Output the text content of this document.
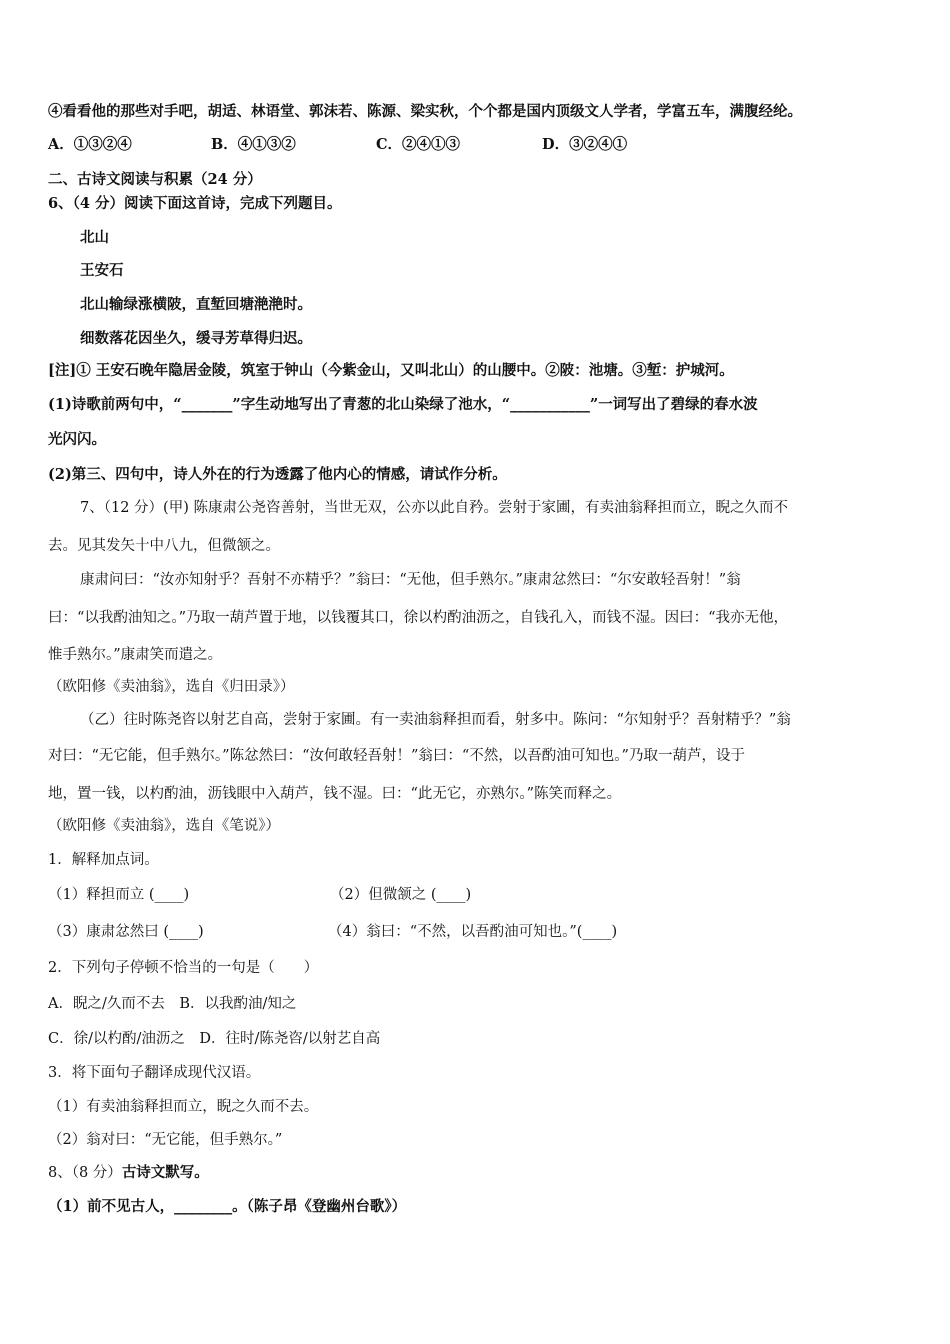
④看看他的那些对手吧，胡适、林语堂、郭沫若、陈源、梁实秋，个个都是国内顶级文人学者，学富五车，满腹经纶。
A．①③②④	B．④①③②	C．②④①③	D．③②④①
二、古诗文阅读与积累（24 分）
6、（4 分）阅读下面这首诗，完成下列题目。
北山
王安石
北山输绿涨横陂，直堑回塘滟滟时。
细数落花因坐久，缓寻芳草得归迟。
[注]① 王安石晚年隐居金陵，筑室于钟山（今紫金山，又叫北山）的山腰中。②陂：池塘。③堑：护城河。
(1)诗歌前两句中，“_______”字生动地写出了青葱的北山染绿了池水，“___________”一词写出了碧绿的春水波
光闪闪。
(2)第三、四句中，诗人外在的行为透露了他内心的情感，请试作分析。
7、（12 分）(甲) 陈康肃公尧咨善射，当世无双，公亦以此自矜。尝射于家圃，有卖油翁释担而立，睨之久而不
去。见其发矢十中八九，但微颔之。
康肃问曰：“汝亦知射乎？吾射不亦精乎？”翁曰：“无他，但手熟尔。”康肃忿然曰：“尔安敢轻吾射！”翁
曰：“以我酌油知之。”乃取一葫芦置于地，以钱覆其口，徐以杓酌油沥之，自钱孔入，而钱不湿。因曰：“我亦无他，
惟手熟尔。”康肃笑而遣之。
（欧阳修《卖油翁》，选自《归田录》）
（乙）往时陈尧咨以射艺自高，尝射于家圃。有一卖油翁释担而看，射多中。陈问：“尔知射乎？吾射精乎？”翁
对曰：“无它能，但手熟尔。”陈忿然曰：“汝何敢轻吾射！”翁曰：“不然，以吾酌油可知也。”乃取一葫芦，设于
地，置一钱，以杓酌油，沥钱眼中入葫芦，钱不湿。曰：“此无它，亦熟尔。”陈笑而释之。
（欧阳修《卖油翁》，选自《笔说》）
1．解释加点词。
（1）释担而立 (____)	（2）但微颔之 (____)
（3）康肃忿然曰 (____)	（4）翁曰：“不然，以吾酌油可知也。”(____)
2．下列句子停顿不恰当的一句是（　　）
A．睨之/久而不去　B．以我酌油/知之
C．徐/以杓酌/油沥之　D．往时/陈尧咨/以射艺自高
3．将下面句子翻译成现代汉语。
（1）有卖油翁释担而立，睨之久而不去。
（2）翁对曰：“无它能，但手熟尔。”
8、（8 分）古诗文默写。
（1）前不见古人，________。（陈子昂《登幽州台歌》）
